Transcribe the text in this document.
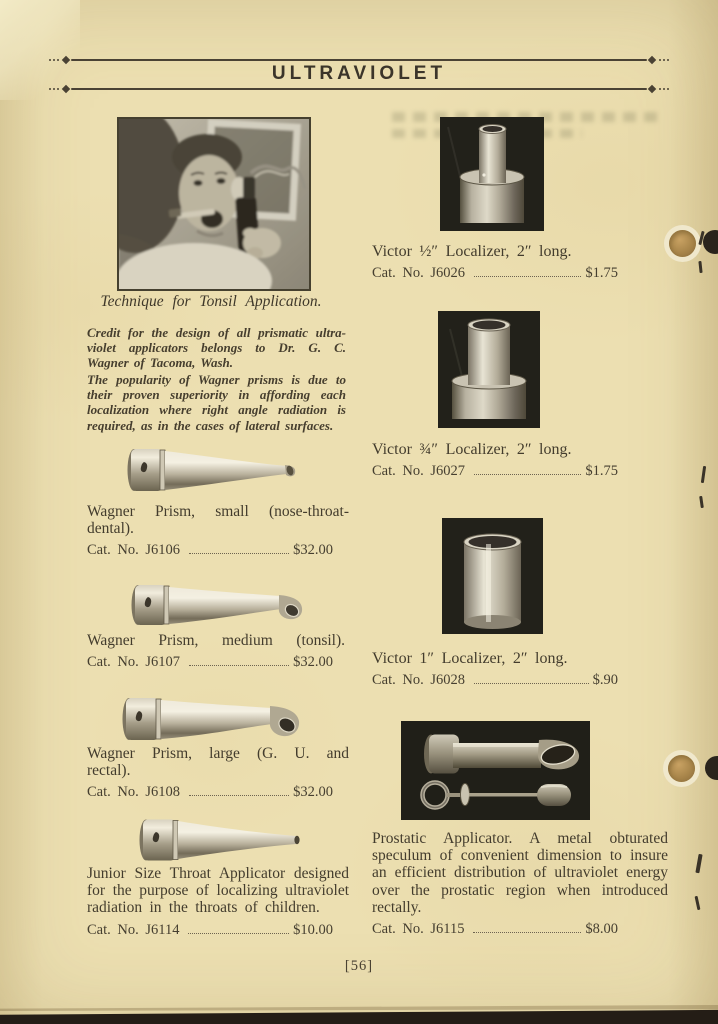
ULTRAVIOLET
Technique for Tonsil Application.
Credit for the design of all prismatic ultra-violet applicators belongs to Dr. G. C. Wagner of Tacoma, Wash.
The popularity of Wagner prisms is due to their proven superiority in affording each localization where right angle radiation is required, as in the cases of lateral surfaces.
Wagner Prism, small (nose-throat-dental).
Cat. No.
J6106	$32.00
Wagner Prism, medium (tonsil).
Cat. No.
J6107	$32.00
Wagner Prism, large (G. U. and rectal).
Cat. No.
J6108	$32.00
Junior Size Throat Applicator designed for the purpose of localizing ultraviolet radiation in the throats of children.
Cat. No.
J6114	$10.00
Victor ½″ Localizer, 2″ long.
Cat. No.
J6026	$1.75
Victor ¾″ Localizer, 2″ long.
Cat. No.
J6027	$1.75
Victor 1″ Localizer, 2″ long.
Cat. No.
J6028	$.90
Prostatic Applicator. A metal obturated speculum of convenient dimension to insure an efficient distribution of ultraviolet energy over the prostatic region when introduced rectally.
Cat. No.
J6115	$8.00
[56]
